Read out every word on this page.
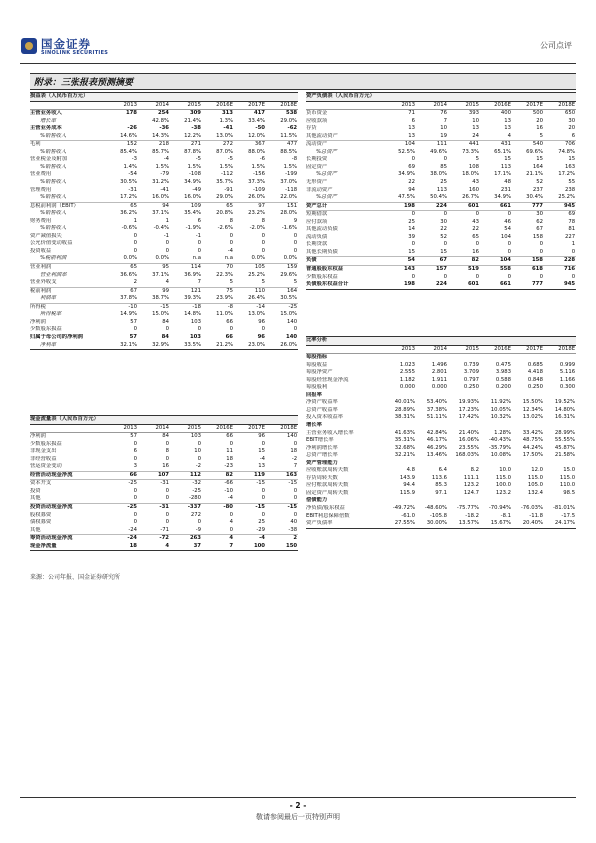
国金证券
SINOLINK SECURITIES
公司点评
附录：三张报表预测摘要
损益表（人民币百万元）						
	2013	2014	2015	2016E	2017E	2018E
主营业务收入	178	254	309	313	417	538
增长率		42.8%	21.4%	1.3%	33.4%	29.0%
主营业务成本	-26	-36	-38	-41	-50	-62
%销售收入	14.6%	14.3%	12.2%	13.0%	12.0%	11.5%
毛利	152	218	271	272	367	477
%销售收入	85.4%	85.7%	87.8%	87.0%	88.0%	88.5%
营业税金及附加	-3	-4	-5	-5	-6	-8
%销售收入	1.4%	1.5%	1.5%	1.5%	1.5%	1.5%
营业费用	-54	-79	-108	-112	-156	-199
%销售收入	30.5%	31.2%	34.9%	35.7%	37.3%	37.0%
管理费用	-31	-41	-49	-91	-109	-118
%销售收入	17.2%	16.0%	16.0%	29.0%	26.0%	22.0%
息税前利润（EBIT）	65	94	109	65	97	151
%销售收入	36.2%	37.1%	35.4%	20.8%	23.2%	28.0%
财务费用	1	1	6	8	8	9
%销售收入	-0.6%	-0.4%	-1.9%	-2.6%	-2.0%	-1.6%
资产减值损失	0	-1	-1	0	0	0
公允价值变动收益	0	0	0	0	0	0
投资收益	0	0	0	-4	0	0
%税前利润	0.0%	0.0%	n.a	n.a	0.0%	0.0%
营业利润	65	95	114	70	105	159
营业利润率	36.6%	37.1%	36.9%	22.3%	25.2%	29.6%
营业外收支	2	4	7	5	5	5
税前利润	67	99	121	75	110	164
利润率	37.8%	38.7%	39.3%	23.9%	26.4%	30.5%
所得税	-10	-15	-18	-8	-14	-25
所得税率	14.9%	15.0%	14.8%	11.0%	13.0%	15.0%
净利润	57	84	103	66	96	140
少数股东损益	0	0	0	0	0	0
归属于母公司的净利润	57	84	103	66	96	140
净利率	32.1%	32.9%	33.5%	21.2%	23.0%	26.0%
资产负债表（人民币百万元）						
	2013	2014	2015	2016E	2017E	2018E
货币资金	71	76	393	400	500	650
应收款项	6	7	10	13	20	30
存货	13	10	13	13	16	20
其他流动资产	13	19	24	4	5	6
流动资产	104	111	441	431	540	706
%总资产	52.5%	49.6%	73.3%	65.1%	69.6%	74.8%
长期投资	0	0	5	15	15	15
固定资产	69	85	108	113	164	163
%总资产	34.9%	38.0%	18.0%	17.1%	21.1%	17.2%
无形资产	22	25	43	48	52	55
非流动资产	94	113	160	231	237	238
%总资产	47.5%	50.4%	26.7%	34.9%	30.4%	25.2%
资产总计	198	224	601	661	777	945
短期借款	0	0	0	0	30	69
应付款项	25	30	43	46	62	78
其他流动负债	14	22	22	54	67	81
流动负债	39	52	65	104	158	227
长期贷款	0	0	0	0	0	1
其他长期负债	15	15	16	0	0	0
负债	54	67	82	104	158	228
普通股股东权益	143	157	519	558	618	716
少数股东权益	0	0	0	0	0	0
负债股东权益合计	198	224	601	661	777	945
比率分析						
	2013	2014	2015	2016E	2017E	2018E
每股指标						
每股收益	1.023	1.496	0.739	0.475	0.685	0.999
每股净资产	2.555	2.801	3.709	3.983	4.418	5.116
每股经营现金净流	1.182	1.911	0.797	0.588	0.848	1.166
每股股利	0.000	0.000	0.250	0.200	0.250	0.300
回报率						
净资产收益率	40.01%	53.40%	19.93%	11.92%	15.50%	19.52%
总资产收益率	28.89%	37.38%	17.23%	10.05%	12.34%	14.80%
投入资本收益率	38.31%	51.11%	17.42%	10.32%	13.02%	16.31%
增长率						
主营业务收入增长率	41.63%	42.84%	21.40%	1.28%	33.42%	28.99%
EBIT增长率	35.31%	46.17%	16.06%	-40.43%	48.75%	55.55%
净利润增长率	32.68%	46.29%	23.55%	-35.79%	44.24%	45.87%
总资产增长率	32.21%	13.46%	168.03%	10.08%	17.50%	21.58%
资产管理能力						
应收账款周转天数	4.8	6.4	8.2	10.0	12.0	15.0
存货周转天数	143.9	113.6	111.1	115.0	115.0	115.0
应付账款周转天数	94.4	85.3	123.2	100.0	105.0	110.0
固定资产周转天数	115.9	97.1	124.7	123.2	132.4	98.5
偿债能力						
净负债/股东权益	-49.72%	-48.60%	-75.77%	-70.94%	-76.03%	-81.01%
EBIT利息保障倍数	-61.0	-105.8	-18.2	-8.1	-11.8	-17.5
资产负债率	27.55%	30.00%	13.57%	15.67%	20.40%	24.17%
现金流量表（人民币百万元）						
	2013	2014	2015	2016E	2017E	2018E
净利润	57	84	103	66	96	140
少数股东损益	0	0	0	0	0	0
非现金支出	6	8	10	11	15	18
非经营收益	0	0	0	18	-4	-2
营运资金变动	3	16	-2	-23	13	7
经营活动现金净流	66	107	112	82	119	163
资本开支	-25	-31	-32	-66	-15	-15
投资	0	0	-25	-10	0	0
其他	0	0	-280	-4	0	0
投资活动现金净流	-25	-31	-337	-80	-15	-15
股权募资	0	0	272	0	0	0
债权募资	0	0	0	4	25	40
其他	-24	-71	-9	0	-29	-38
筹资活动现金净流	-24	-72	263	4	-4	2
现金净流量	18	4	37	7	100	150
来源：公司年报、国金证券研究所
- 2 -
敬请参阅最后一页特别声明
